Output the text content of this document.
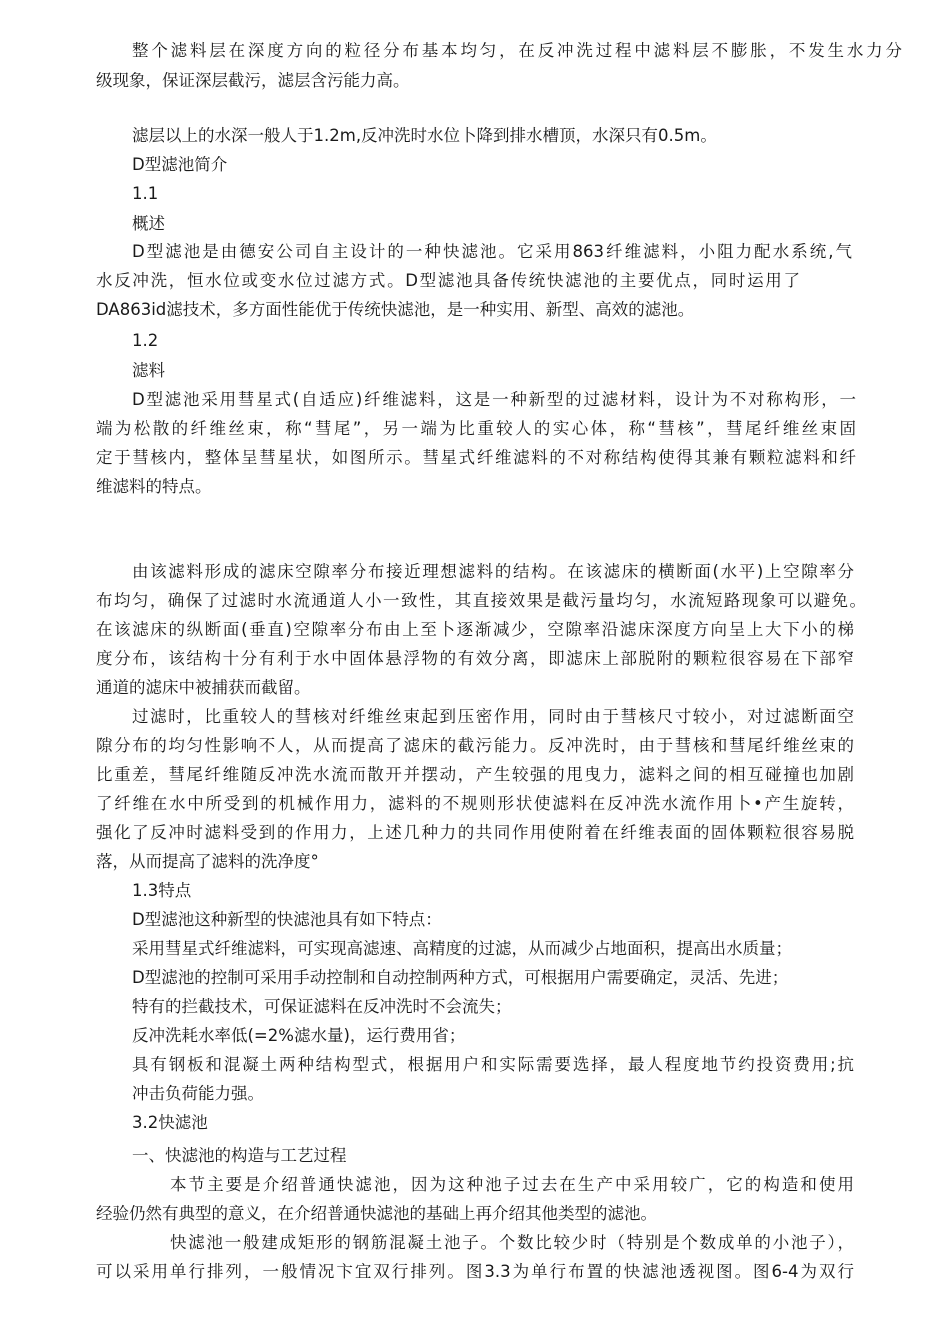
整个滤料层在深度方向的粒径分布基本均匀，在反冲洗过程中滤料层不膨胀，不发生水力分
级现象，保证深层截污，滤层含污能力高。
滤层以上的水深一般人于1.2m,反冲洗时水位卜降到排水槽顶，水深只有0.5m。
D型滤池简介
1.1
概述
D型滤池是由德安公司自主设计的一种快滤池。它采用863纤维滤料，小阻力配水系统,气
水反冲洗，恒水位或变水位过滤方式。D型滤池具备传统快滤池的主要优点，同时运用了
DA863id滤技术，多方面性能优于传统快滤池，是一种实用、新型、高效的滤池。
1.2
滤料
D型滤池采用彗星式(自适应)纤维滤料，这是一种新型的过滤材料，设计为不对称构形，一
端为松散的纤维丝束，称“彗尾”，另一端为比重较人的实心体，称“彗核”，彗尾纤维丝束固
定于彗核内，整体呈彗星状，如图所示。彗星式纤维滤料的不对称结构使得其兼有颗粒滤料和纤
维滤料的特点。
由该滤料形成的滤床空隙率分布接近理想滤料的结构。在该滤床的横断面(水平)上空隙率分
布均匀，确保了过滤时水流通道人小一致性，其直接效果是截污量均匀，水流短路现象可以避免。
在该滤床的纵断面(垂直)空隙率分布由上至卜逐渐减少，空隙率沿滤床深度方向呈上大下小的梯
度分布，该结构十分有利于水中固体悬浮物的有效分离，即滤床上部脱附的颗粒很容易在下部窄
通道的滤床中被捕获而截留。
过滤时，比重较人的彗核对纤维丝束起到压密作用，同时由于彗核尺寸较小，对过滤断面空
隙分布的均匀性影响不人，从而提高了滤床的截污能力。反冲洗时，由于彗核和彗尾纤维丝束的
比重差，彗尾纤维随反冲洗水流而散开并摆动，产生较强的甩曳力，滤料之间的相互碰撞也加剧
了纤维在水中所受到的机械作用力，滤料的不规则形状使滤料在反冲洗水流作用卜•产生旋转，
强化了反冲时滤料受到的作用力，上述几种力的共同作用使附着在纤维表面的固体颗粒很容易脱
落，从而提高了滤料的洗净度°
1.3特点
D型滤池这种新型的快滤池具有如下特点：
采用彗星式纤维滤料，可实现高滤速、高精度的过滤，从而减少占地面积，提高出水质量；
D型滤池的控制可采用手动控制和自动控制两种方式，可根据用户需要确定，灵活、先进；
特有的拦截技术，可保证滤料在反冲洗时不会流失；
反冲洗耗水率低(=2%滤水量)，运行费用省；
具有钢板和混凝土两种结构型式，根据用户和实际需要选择，最人程度地节约投资费用;抗
冲击负荷能力强。
3.2快滤池
一、快滤池的构造与工艺过程
本节主要是介绍普通快滤池，因为这种池子过去在生产中采用较广，它的构造和使用
经验仍然有典型的意义，在介绍普通快滤池的基础上再介绍其他类型的滤池。
快滤池一般建成矩形的钢筋混凝土池子。个数比较少时（特别是个数成单的小池子），
可以采用单行排列，一般情况卞宜双行排列。图3.3为单行布置的快滤池透视图。图6-4为双行
